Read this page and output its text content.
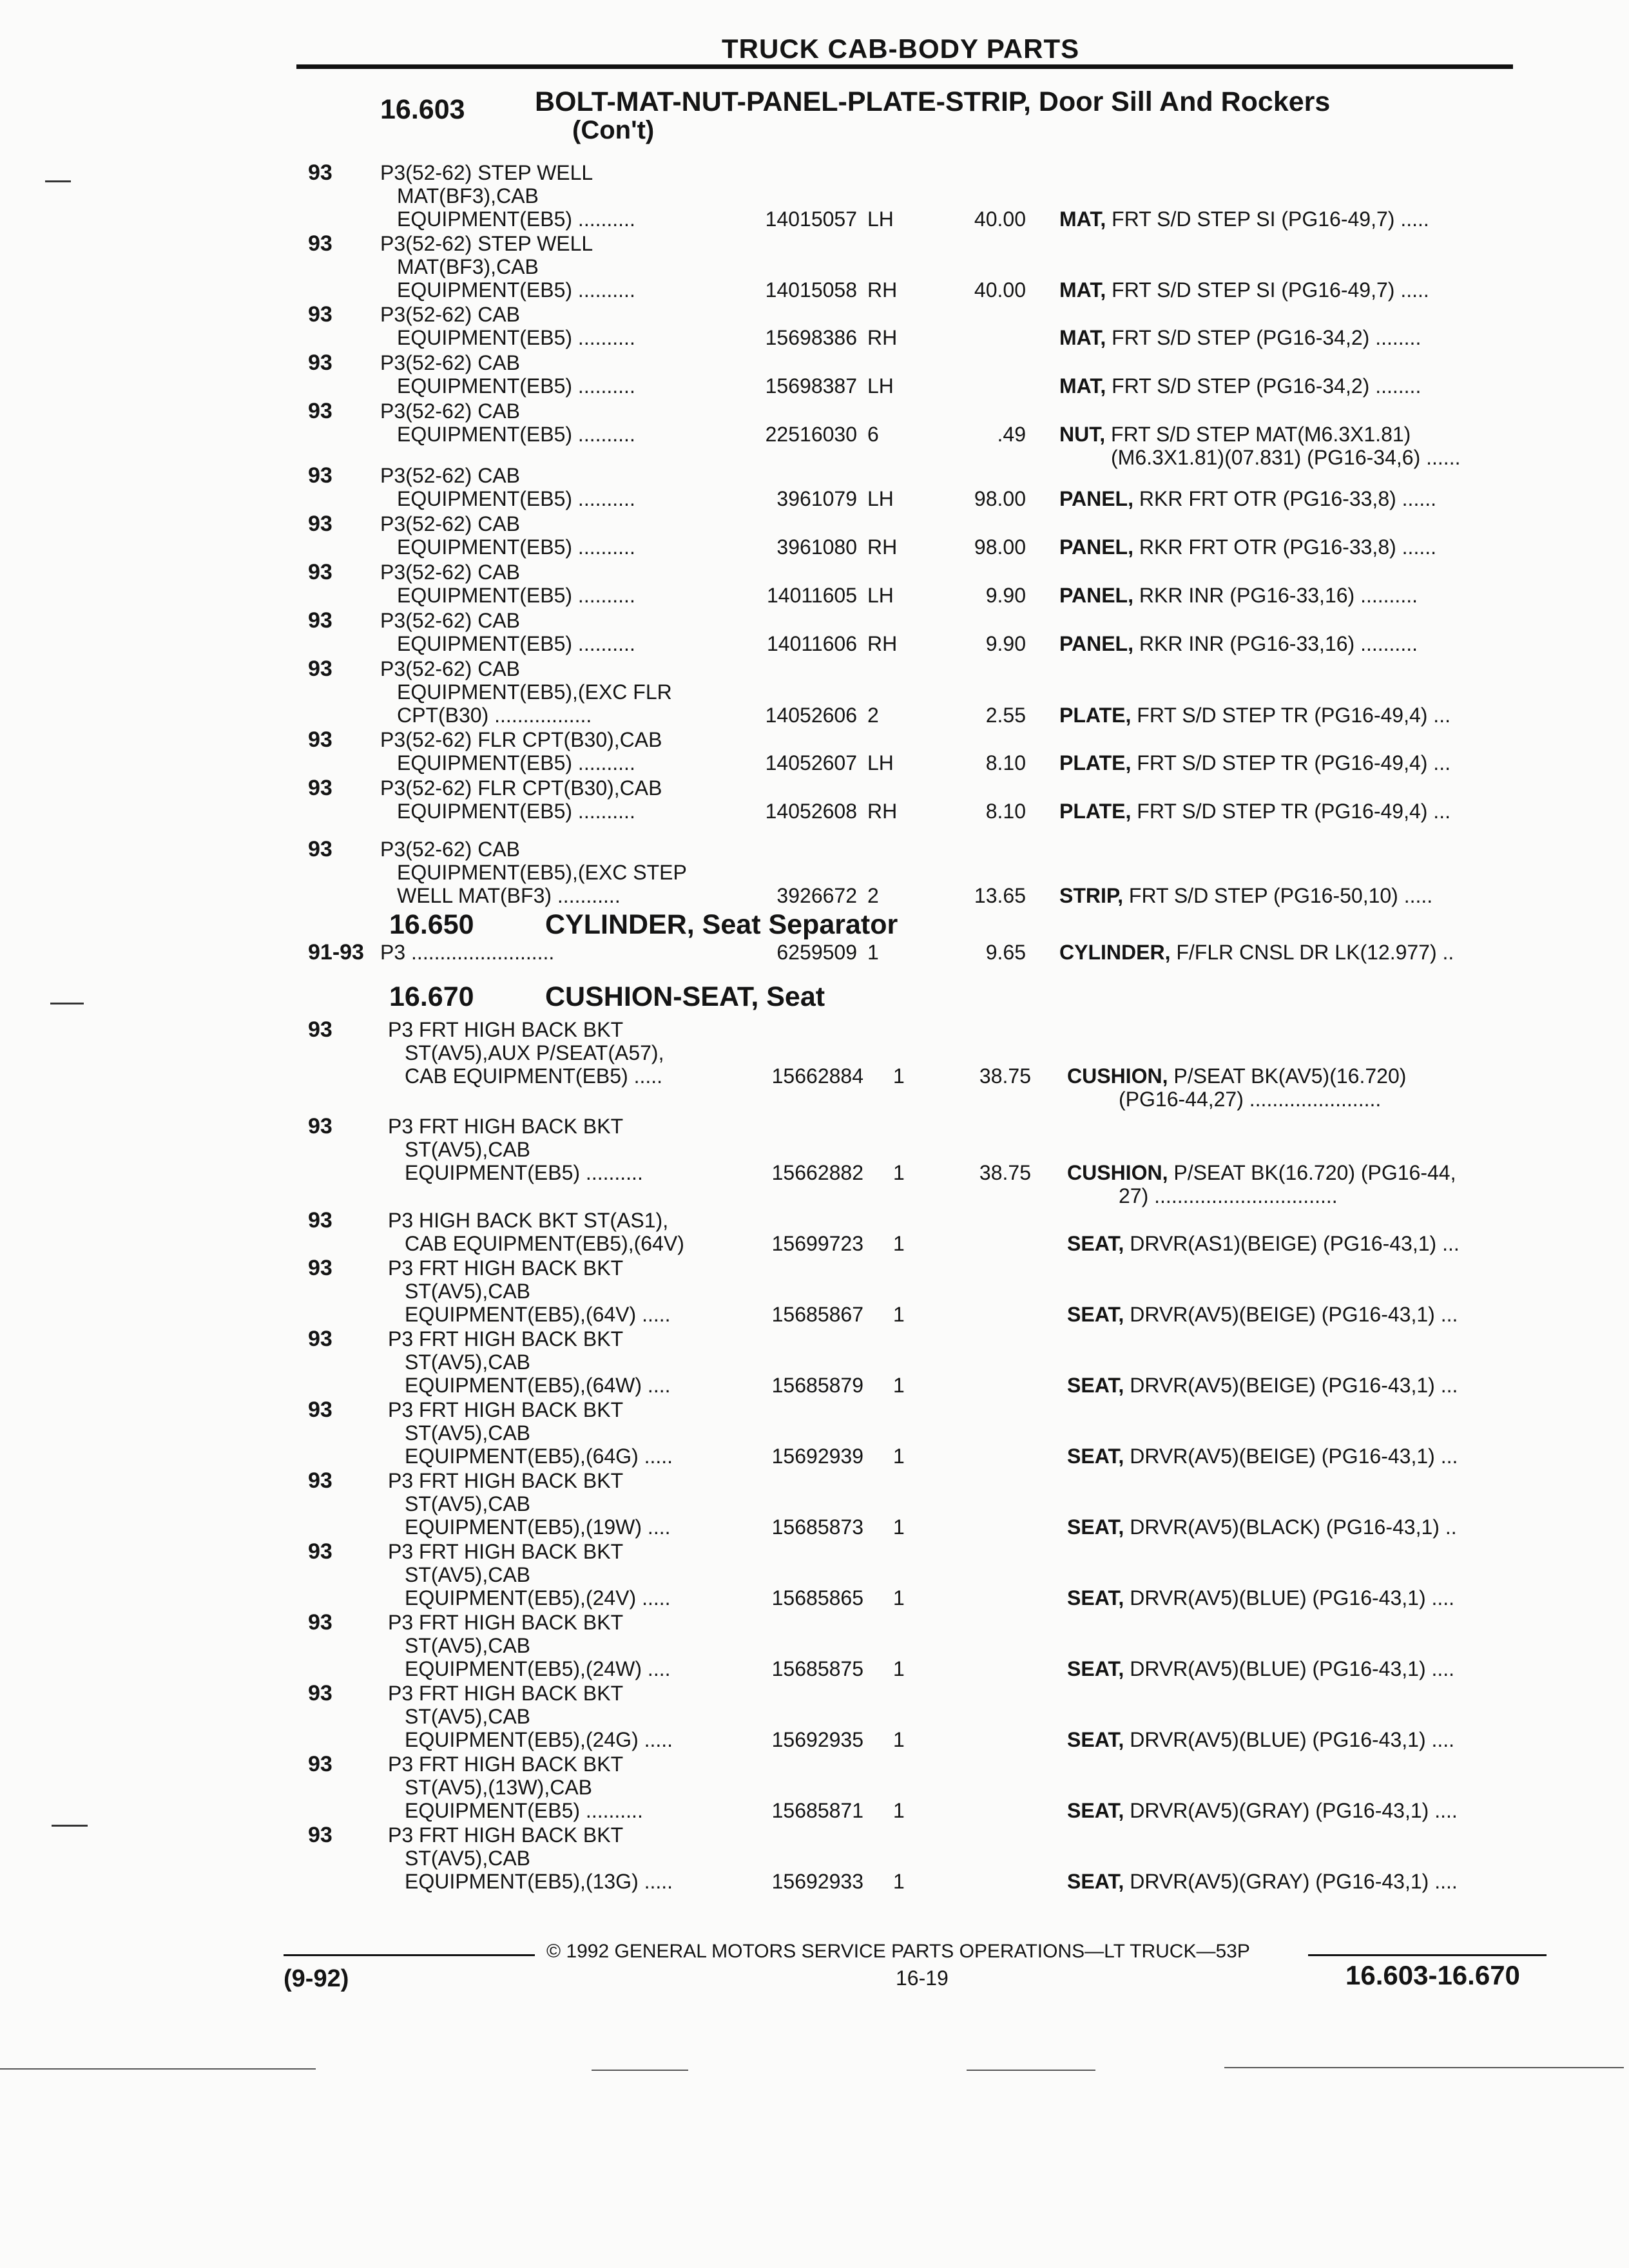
TRUCK CAB-BODY PARTS
16.603	BOLT-MAT-NUT-PANEL-PLATE-STRIP, Door Sill And Rockers
(Con't)
16.650	CYLINDER, Seat Separator
16.670	CUSHION-SEAT, Seat
93 P3(52-62) STEP WELL
MAT(BF3),CAB
EQUIPMENT(EB5) ..........	14015057 LH	40.00 MAT, FRT S/D STEP SI (PG16-49,7) .....
93 P3(52-62) STEP WELL
MAT(BF3),CAB
EQUIPMENT(EB5) ..........	14015058 RH	40.00 MAT, FRT S/D STEP SI (PG16-49,7) .....
93 P3(52-62) CAB
EQUIPMENT(EB5) ..........	15698386 RH	MAT, FRT S/D STEP (PG16-34,2) ........
93 P3(52-62) CAB
EQUIPMENT(EB5) ..........	15698387 LH	MAT, FRT S/D STEP (PG16-34,2) ........
93 P3(52-62) CAB
EQUIPMENT(EB5) ..........	22516030 6	.49 NUT, FRT S/D STEP MAT(M6.3X1.81)
(M6.3X1.81)(07.831) (PG16-34,6) ......
93 P3(52-62) CAB
EQUIPMENT(EB5) ..........	3961079 LH	98.00 PANEL, RKR FRT OTR (PG16-33,8) ......
93 P3(52-62) CAB
EQUIPMENT(EB5) ..........	3961080 RH	98.00 PANEL, RKR FRT OTR (PG16-33,8) ......
93 P3(52-62) CAB
EQUIPMENT(EB5) ..........	14011605 LH	9.90 PANEL, RKR INR (PG16-33,16) ..........
93 P3(52-62) CAB
EQUIPMENT(EB5) ..........	14011606 RH	9.90 PANEL, RKR INR (PG16-33,16) ..........
93 P3(52-62) CAB
EQUIPMENT(EB5),(EXC FLR
CPT(B30) .................	14052606 2	2.55 PLATE, FRT S/D STEP TR (PG16-49,4) ...
93 P3(52-62) FLR CPT(B30),CAB
EQUIPMENT(EB5) ..........	14052607 LH	8.10 PLATE, FRT S/D STEP TR (PG16-49,4) ...
93 P3(52-62) FLR CPT(B30),CAB
EQUIPMENT(EB5) ..........	14052608 RH	8.10 PLATE, FRT S/D STEP TR (PG16-49,4) ...
93 P3(52-62) CAB
EQUIPMENT(EB5),(EXC STEP
WELL MAT(BF3) ...........	3926672 2	13.65 STRIP, FRT S/D STEP (PG16-50,10) .....
91-93 P3 .........................	6259509 1	9.65 CYLINDER, F/FLR CNSL DR LK(12.977) ..
93	P3 FRT HIGH BACK BKT
ST(AV5),AUX P/SEAT(A57),
CAB EQUIPMENT(EB5) .....	15662884 1	38.75 CUSHION, P/SEAT BK(AV5)(16.720)
(PG16-44,27) .......................
93	P3 FRT HIGH BACK BKT
ST(AV5),CAB
EQUIPMENT(EB5) ..........	15662882 1	38.75 CUSHION, P/SEAT BK(16.720) (PG16-44,
27) ................................
93	P3 HIGH BACK BKT ST(AS1),
CAB EQUIPMENT(EB5),(64V)	15699723 1	SEAT, DRVR(AS1)(BEIGE) (PG16-43,1) ...
93	P3 FRT HIGH BACK BKT
ST(AV5),CAB
EQUIPMENT(EB5),(64V) .....	15685867 1	SEAT, DRVR(AV5)(BEIGE) (PG16-43,1) ...
93	P3 FRT HIGH BACK BKT
ST(AV5),CAB
EQUIPMENT(EB5),(64W) ....	15685879 1	SEAT, DRVR(AV5)(BEIGE) (PG16-43,1) ...
93	P3 FRT HIGH BACK BKT
ST(AV5),CAB
EQUIPMENT(EB5),(64G) .....	15692939 1	SEAT, DRVR(AV5)(BEIGE) (PG16-43,1) ...
93	P3 FRT HIGH BACK BKT
ST(AV5),CAB
EQUIPMENT(EB5),(19W) ....	15685873 1	SEAT, DRVR(AV5)(BLACK) (PG16-43,1) ..
93	P3 FRT HIGH BACK BKT
ST(AV5),CAB
EQUIPMENT(EB5),(24V) .....	15685865 1	SEAT, DRVR(AV5)(BLUE) (PG16-43,1) ....
93	P3 FRT HIGH BACK BKT
ST(AV5),CAB
EQUIPMENT(EB5),(24W) ....	15685875 1	SEAT, DRVR(AV5)(BLUE) (PG16-43,1) ....
93	P3 FRT HIGH BACK BKT
ST(AV5),CAB
EQUIPMENT(EB5),(24G) .....	15692935 1	SEAT, DRVR(AV5)(BLUE) (PG16-43,1) ....
93	P3 FRT HIGH BACK BKT
ST(AV5),(13W),CAB
EQUIPMENT(EB5) ..........	15685871 1	SEAT, DRVR(AV5)(GRAY) (PG16-43,1) ....
93	P3 FRT HIGH BACK BKT
ST(AV5),CAB
EQUIPMENT(EB5),(13G) .....	15692933 1	SEAT, DRVR(AV5)(GRAY) (PG16-43,1) ....
© 1992 GENERAL MOTORS SERVICE PARTS OPERATIONS—LT TRUCK—53P
(9-92)	16-19	16.603-16.670
